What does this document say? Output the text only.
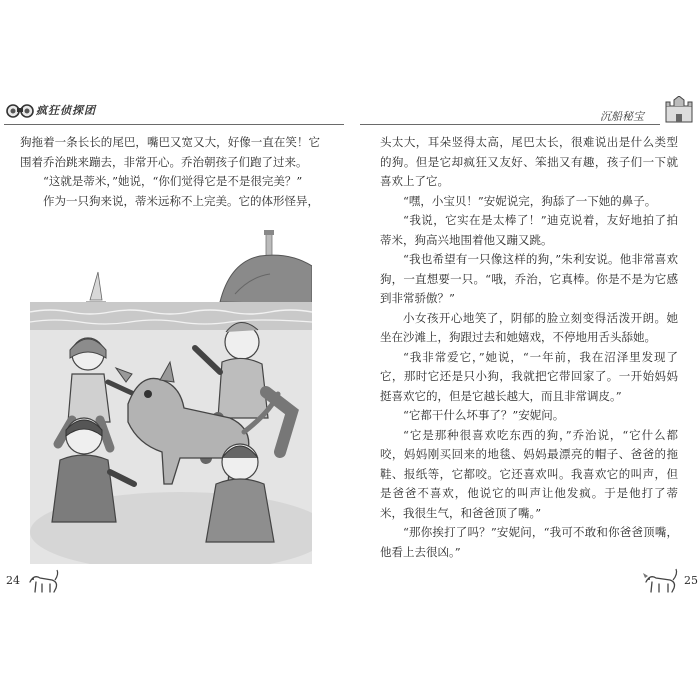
疯狂侦探团

狗拖着一条长长的尾巴，嘴巴又宽又大，好像一直在笑！它围着乔治跳来蹦去，非常开心。乔治朝孩子们跑了过来。

“这就是蒂米，”她说，“你们觉得它是不是很完美？”

作为一只狗来说，蒂米远称不上完美。它的体形怪异，

24
沉船秘宝

头太大，耳朵竖得太高，尾巴太长，很难说出是什么类型的狗。但是它却疯狂又友好、笨拙又有趣，孩子们一下就喜欢上了它。

“嘿，小宝贝！”安妮说完，狗舔了一下她的鼻子。

“我说，它实在是太棒了！”迪克说着，友好地拍了拍蒂米，狗高兴地围着他又蹦又跳。

“我也希望有一只像这样的狗，”朱利安说。他非常喜欢狗，一直想要一只。“哦，乔治，它真棒。你是不是为它感到非常骄傲？”

小女孩开心地笑了，阴郁的脸立刻变得活泼开朗。她坐在沙滩上，狗跟过去和她嬉戏，不停地用舌头舔她。

“我非常爱它，”她说，“一年前，我在沼泽里发现了它，那时它还是只小狗，我就把它带回家了。一开始妈妈挺喜欢它的，但是它越长越大，而且非常调皮。”

“它都干什么坏事了？”安妮问。

“它是那种很喜欢吃东西的狗，”乔治说，“它什么都咬，妈妈刚买回来的地毯、妈妈最漂亮的帽子、爸爸的拖鞋、报纸等，它都咬。它还喜欢叫。我喜欢它的叫声，但是爸爸不喜欢，他说它的叫声让他发疯。于是他打了蒂米，我很生气，和爸爸顶了嘴。”

“那你挨打了吗？”安妮问，“我可不敢和你爸爸顶嘴，他看上去很凶。”

25
